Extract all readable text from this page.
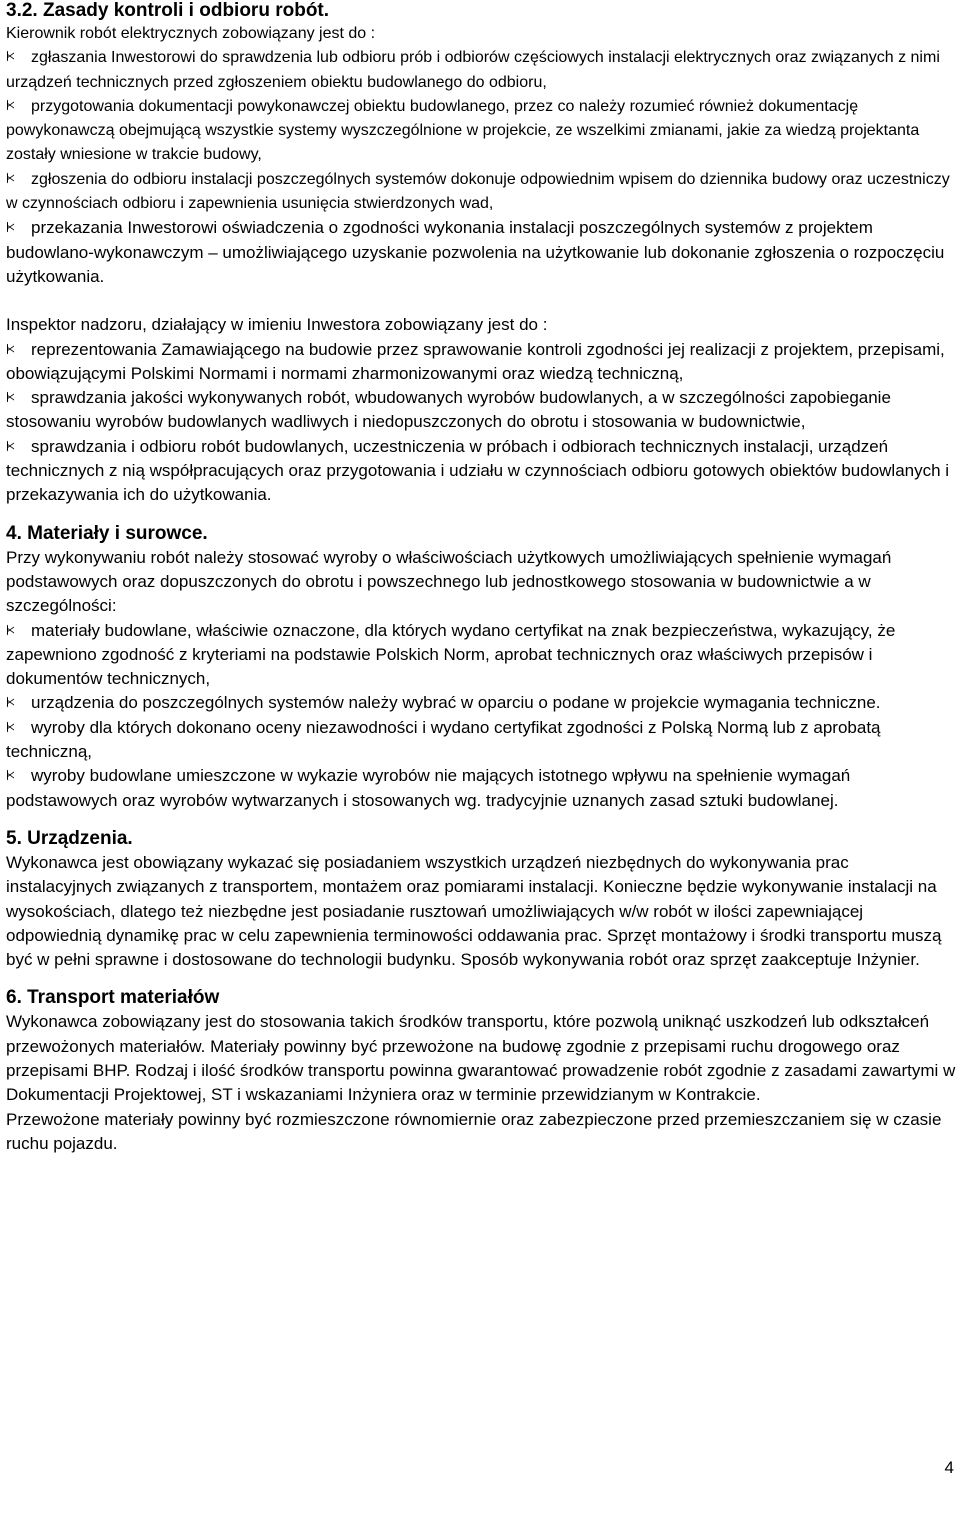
3.2. Zasady kontroli i odbioru robót.

Kierownik robót elektrycznych zobowiązany jest do :

zgłaszania Inwestorowi do sprawdzenia lub odbioru prób i odbiorów częściowych instalacji elektrycznych oraz związanych z nimi urządzeń technicznych przed zgłoszeniem obiektu budowlanego do odbioru,

przygotowania dokumentacji powykonawczej obiektu budowlanego, przez co należy rozumieć również dokumentację powykonawczą obejmującą wszystkie systemy wyszczególnione w projekcie, ze wszelkimi zmianami, jakie za wiedzą projektanta zostały wniesione w trakcie budowy,

zgłoszenia do odbioru instalacji poszczególnych systemów dokonuje odpowiednim wpisem do dziennika budowy oraz uczestniczy w czynnościach odbioru i zapewnienia usunięcia stwierdzonych wad,

przekazania Inwestorowi oświadczenia o zgodności wykonania instalacji poszczególnych systemów z projektem budowlano-wykonawczym – umożliwiającego uzyskanie pozwolenia na użytkowanie lub dokonanie zgłoszenia o rozpoczęciu użytkowania.

Inspektor nadzoru, działający w imieniu Inwestora zobowiązany jest do :

reprezentowania Zamawiającego na budowie przez sprawowanie kontroli zgodności jej realizacji z projektem, przepisami, obowiązującymi Polskimi Normami i normami zharmonizowanymi oraz wiedzą techniczną,

sprawdzania jakości wykonywanych robót, wbudowanych wyrobów budowlanych, a w szczególności zapobieganie stosowaniu wyrobów budowlanych wadliwych i niedopuszczonych do obrotu i stosowania w budownictwie,

sprawdzania i odbioru robót budowlanych, uczestniczenia w próbach i odbiorach technicznych instalacji, urządzeń technicznych z nią współpracujących oraz przygotowania i udziału w czynnościach odbioru gotowych obiektów budowlanych i przekazywania ich do użytkowania.

4. Materiały i surowce.

Przy wykonywaniu robót należy stosować wyroby o właściwościach użytkowych umożliwiających spełnienie wymagań podstawowych oraz dopuszczonych do obrotu i powszechnego lub jednostkowego stosowania w budownictwie a w szczególności:

materiały budowlane, właściwie oznaczone, dla których wydano certyfikat na znak bezpieczeństwa, wykazujący, że zapewniono zgodność z kryteriami na podstawie Polskich Norm, aprobat technicznych oraz właściwych przepisów i dokumentów technicznych,

urządzenia do poszczególnych systemów należy wybrać w oparciu o podane w projekcie wymagania techniczne.

wyroby dla których dokonano oceny niezawodności i wydano certyfikat zgodności z Polską Normą lub z aprobatą techniczną,

wyroby budowlane umieszczone w wykazie wyrobów nie mających istotnego wpływu na spełnienie wymagań podstawowych oraz wyrobów wytwarzanych i stosowanych wg. tradycyjnie uznanych zasad sztuki budowlanej.

5. Urządzenia.

Wykonawca jest obowiązany wykazać się posiadaniem wszystkich urządzeń niezbędnych do wykonywania prac instalacyjnych związanych z transportem, montażem oraz pomiarami instalacji. Konieczne będzie wykonywanie instalacji na wysokościach, dlatego też niezbędne jest posiadanie rusztowań umożliwiających w/w robót w ilości zapewniającej odpowiednią dynamikę prac w celu zapewnienia terminowości oddawania prac. Sprzęt montażowy i środki transportu muszą być w pełni sprawne i dostosowane do technologii budynku. Sposób wykonywania robót oraz sprzęt zaakceptuje Inżynier.

6. Transport materiałów

Wykonawca zobowiązany jest do stosowania takich środków transportu, które pozwolą uniknąć uszkodzeń lub odkształceń przewożonych materiałów. Materiały powinny być przewożone na budowę zgodnie z przepisami ruchu drogowego oraz przepisami BHP. Rodzaj i ilość środków transportu powinna gwarantować prowadzenie robót zgodnie z zasadami zawartymi w Dokumentacji Projektowej, ST i wskazaniami Inżyniera oraz w terminie przewidzianym w Kontrakcie.

Przewożone materiały powinny być rozmieszczone równomiernie oraz zabezpieczone przed przemieszczaniem się w czasie ruchu pojazdu.

4
